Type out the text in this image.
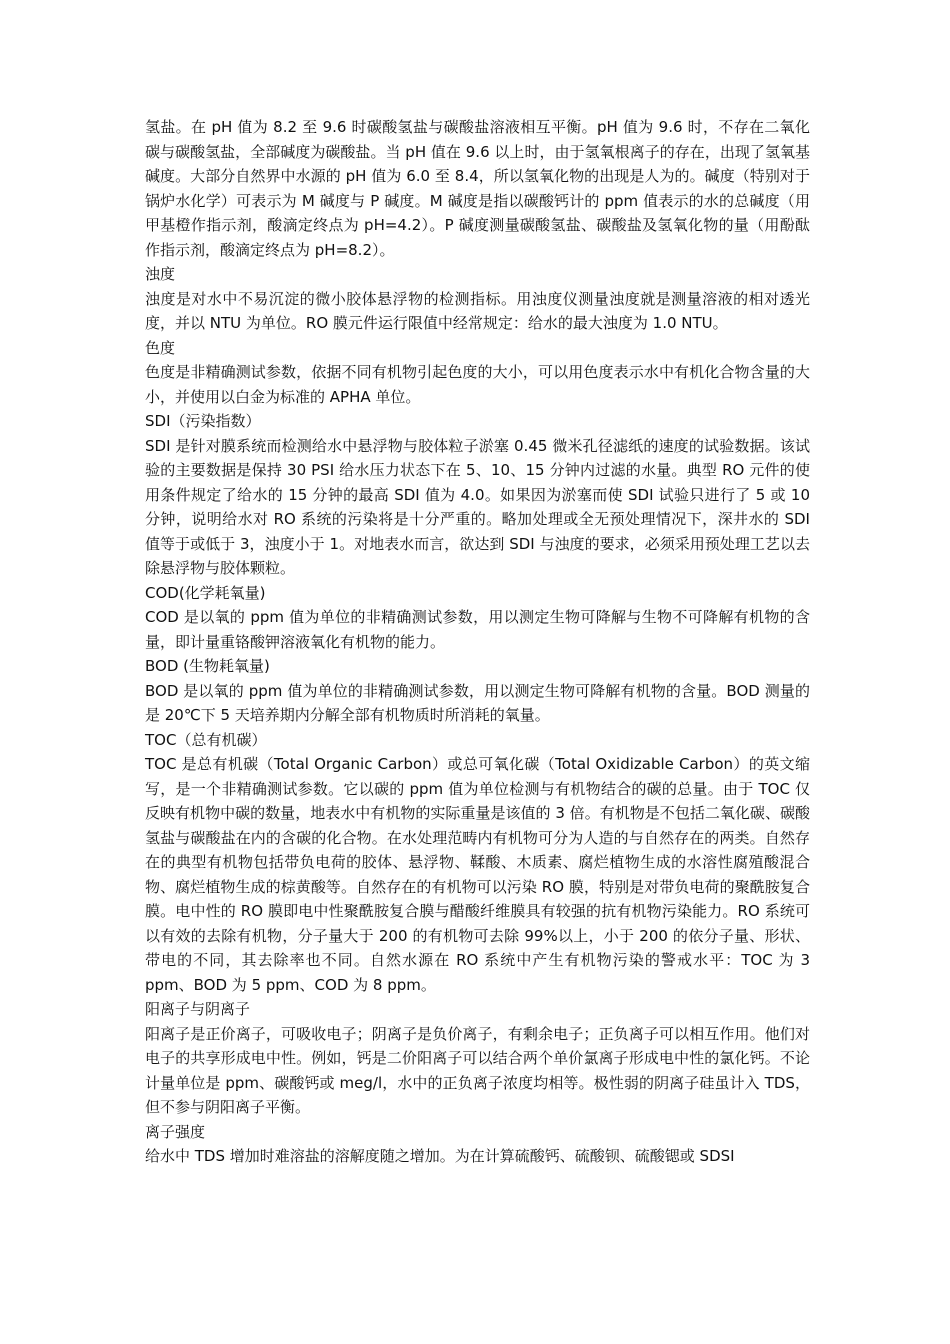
氢盐。在 pH 值为 8.2 至 9.6 时碳酸氢盐与碳酸盐溶液相互平衡。pH 值为 9.6 时，不存在二氧化碳与碳酸氢盐，全部碱度为碳酸盐。当 pH 值在 9.6 以上时，由于氢氧根离子的存在，出现了氢氧基碱度。大部分自然界中水源的 pH 值为 6.0 至 8.4，所以氢氧化物的出现是人为的。碱度（特别对于锅炉水化学）可表示为 M 碱度与 P 碱度。M 碱度是指以碳酸钙计的 ppm 值表示的水的总碱度（用甲基橙作指示剂，酸滴定终点为 pH=4.2）。P 碱度测量碳酸氢盐、碳酸盐及氢氧化物的量（用酚酞作指示剂，酸滴定终点为 pH=8.2）。

浊度

浊度是对水中不易沉淀的微小胶体悬浮物的检测指标。用浊度仪测量浊度就是测量溶液的相对透光度，并以 NTU 为单位。RO 膜元件运行限值中经常规定：给水的最大浊度为 1.0 NTU。

色度

色度是非精确测试参数，依据不同有机物引起色度的大小，可以用色度表示水中有机化合物含量的大小，并使用以白金为标准的 APHA 单位。

SDI（污染指数）

SDI 是针对膜系统而检测给水中悬浮物与胶体粒子淤塞 0.45 微米孔径滤纸的速度的试验数据。该试验的主要数据是保持 30 PSI 给水压力状态下在 5、10、15 分钟内过滤的水量。典型 RO 元件的使用条件规定了给水的 15 分钟的最高 SDI 值为 4.0。如果因为淤塞而使 SDI 试验只进行了 5 或 10 分钟，说明给水对 RO 系统的污染将是十分严重的。略加处理或全无预处理情况下，深井水的 SDI 值等于或低于 3，浊度小于 1。对地表水而言，欲达到 SDI 与浊度的要求，必须采用预处理工艺以去除悬浮物与胶体颗粒。

COD(化学耗氧量)

COD 是以氧的 ppm 值为单位的非精确测试参数，用以测定生物可降解与生物不可降解有机物的含量，即计量重铬酸钾溶液氧化有机物的能力。

BOD (生物耗氧量)

BOD 是以氧的 ppm 值为单位的非精确测试参数，用以测定生物可降解有机物的含量。BOD 测量的是 20℃下 5 天培养期内分解全部有机物质时所消耗的氧量。

TOC（总有机碳）

TOC 是总有机碳（Total Organic Carbon）或总可氧化碳（Total Oxidizable Carbon）的英文缩写，是一个非精确测试参数。它以碳的 ppm 值为单位检测与有机物结合的碳的总量。由于 TOC 仅反映有机物中碳的数量，地表水中有机物的实际重量是该值的 3 倍。有机物是不包括二氧化碳、碳酸氢盐与碳酸盐在内的含碳的化合物。在水处理范畴内有机物可分为人造的与自然存在的两类。自然存在的典型有机物包括带负电荷的胶体、悬浮物、鞣酸、木质素、腐烂植物生成的水溶性腐殖酸混合物、腐烂植物生成的棕黄酸等。自然存在的有机物可以污染 RO 膜，特别是对带负电荷的聚酰胺复合膜。电中性的 RO 膜即电中性聚酰胺复合膜与醋酸纤维膜具有较强的抗有机物污染能力。RO 系统可以有效的去除有机物，分子量大于 200 的有机物可去除 99%以上，小于 200 的依分子量、形状、带电的不同，其去除率也不同。自然水源在 RO 系统中产生有机物污染的警戒水平：TOC 为 3 ppm、BOD 为 5 ppm、COD 为 8 ppm。

阳离子与阴离子

阳离子是正价离子，可吸收电子；阴离子是负价离子，有剩余电子；正负离子可以相互作用。他们对电子的共享形成电中性。例如，钙是二价阳离子可以结合两个单价氯离子形成电中性的氯化钙。不论计量单位是 ppm、碳酸钙或 meg/l，水中的正负离子浓度均相等。极性弱的阴离子硅虽计入 TDS，但不参与阴阳离子平衡。

离子强度

给水中 TDS 增加时难溶盐的溶解度随之增加。为在计算硫酸钙、硫酸钡、硫酸锶或 SDSI
